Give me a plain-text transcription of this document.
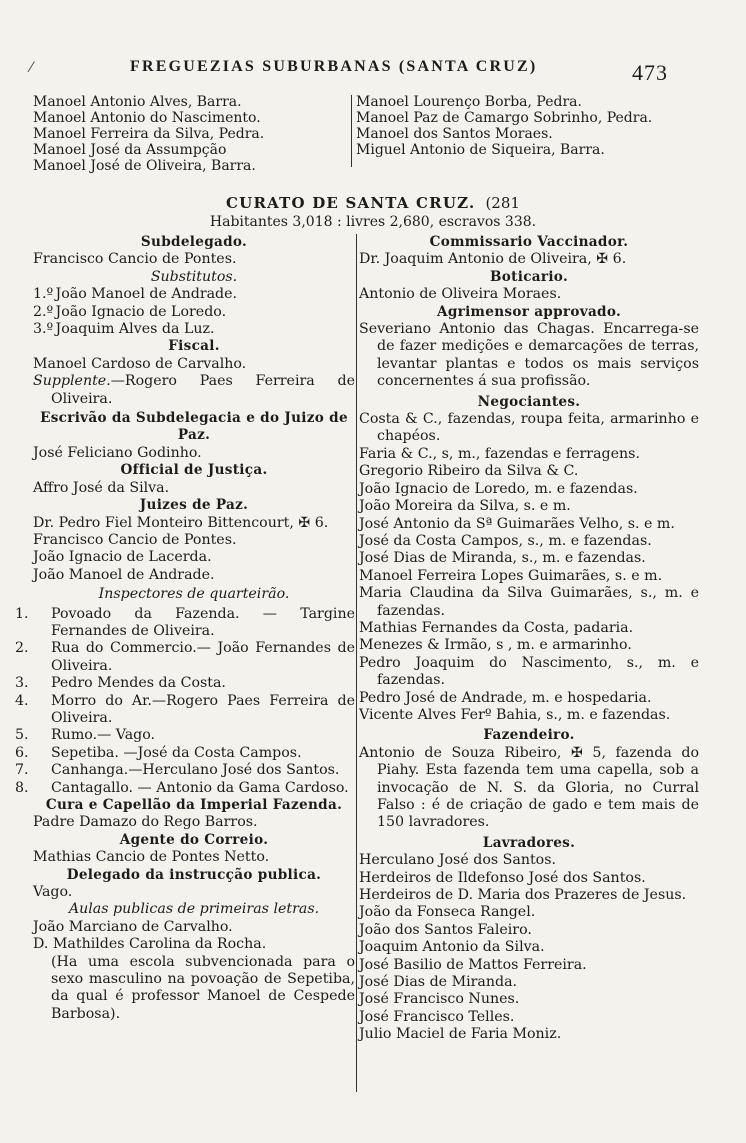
⁄	FREGUEZIAS SUBURBANAS (SANTA CRUZ)	473
Manoel Antonio Alves, Barra.
Manoel Antonio do Nascimento.
Manoel Ferreira da Silva, Pedra.
Manoel José da Assumpção
Manoel José de Oliveira, Barra.
Manoel Lourenço Borba, Pedra.
Manoel Paz de Camargo Sobrinho, Pedra.
Manoel dos Santos Moraes.
Miguel Antonio de Siqueira, Barra.
CURATO DE SANTA CRUZ. (281
Habitantes 3,018 : livres 2,680, escravos 338.
Subdelegado.
Francisco Cancio de Pontes.
Substitutos.
1.º João Manoel de Andrade.
2.º João Ignacio de Loredo.
3.º Joaquim Alves da Luz.
Fiscal.
Manoel Cardoso de Carvalho.
Supplente.—Rogero Paes Ferreira de Oliveira.
Escrivão da Subdelegacia e do Juizo de Paz.
José Feliciano Godinho.
Official de Justiça.
Affro José da Silva.
Juizes de Paz.
Dr. Pedro Fiel Monteiro Bittencourt, ✠ 6.
Francisco Cancio de Pontes.
João Ignacio de Lacerda.
João Manoel de Andrade.
Inspectores de quarteirão.
1. Povoado da Fazenda. — Targine Fernandes de Oliveira.
2. Rua do Commercio.— João Fernandes de Oliveira.
3. Pedro Mendes da Costa.
4. Morro do Ar.—Rogero Paes Ferreira de Oliveira.
5. Rumo.— Vago.
6. Sepetiba. —José da Costa Campos.
7. Canhanga.—Herculano José dos Santos.
8. Cantagallo. — Antonio da Gama Cardoso.
Cura e Capellão da Imperial Fazenda.
Padre Damazo do Rego Barros.
Agente do Correio.
Mathias Cancio de Pontes Netto.
Delegado da instrucção publica.
Vago.
Aulas publicas de primeiras letras.
João Marciano de Carvalho.
D. Mathildes Carolina da Rocha.
(Ha uma escola subvencionada para o sexo masculino na povoação de Sepetiba, da qual é professor Manoel de Cespede Barbosa).
Commissario Vaccinador.
Dr. Joaquim Antonio de Oliveira, ✠ 6.
Boticario.
Antonio de Oliveira Moraes.
Agrimensor approvado.
Severiano Antonio das Chagas. Encarrega-se de fazer medições e demarcações de terras, levantar plantas e todos os mais serviços concernentes á sua profissão.
Negociantes.
Costa & C., fazendas, roupa feita, armarinho e chapéos.
Faria & C., s, m., fazendas e ferragens.
Gregorio Ribeiro da Silva & C.
João Ignacio de Loredo, m. e fazendas.
João Moreira da Silva, s. e m.
José Antonio da Sª Guimarães Velho, s. e m.
José da Costa Campos, s., m. e fazendas.
José Dias de Miranda, s., m. e fazendas.
Manoel Ferreira Lopes Guimarães, s. e m.
Maria Claudina da Silva Guimarães, s., m. e fazendas.
Mathias Fernandes da Costa, padaria.
Menezes & Irmão, s , m. e armarinho.
Pedro Joaquim do Nascimento, s., m. e fazendas.
Pedro José de Andrade, m. e hospedaria.
Vicente Alves Ferº Bahia, s., m. e fazendas.
Fazendeiro.
Antonio de Souza Ribeiro, ✠ 5, fazenda do Piahy. Esta fazenda tem uma capella, sob a invocação de N. S. da Gloria, no Curral Falso : é de criação de gado e tem mais de 150 lavradores.
Lavradores.
Herculano José dos Santos.
Herdeiros de Ildefonso José dos Santos.
Herdeiros de D. Maria dos Prazeres de Jesus.
João da Fonseca Rangel.
João dos Santos Faleiro.
Joaquim Antonio da Silva.
José Basilio de Mattos Ferreira.
José Dias de Miranda.
José Francisco Nunes.
José Francisco Telles.
Julio Maciel de Faria Moniz.
